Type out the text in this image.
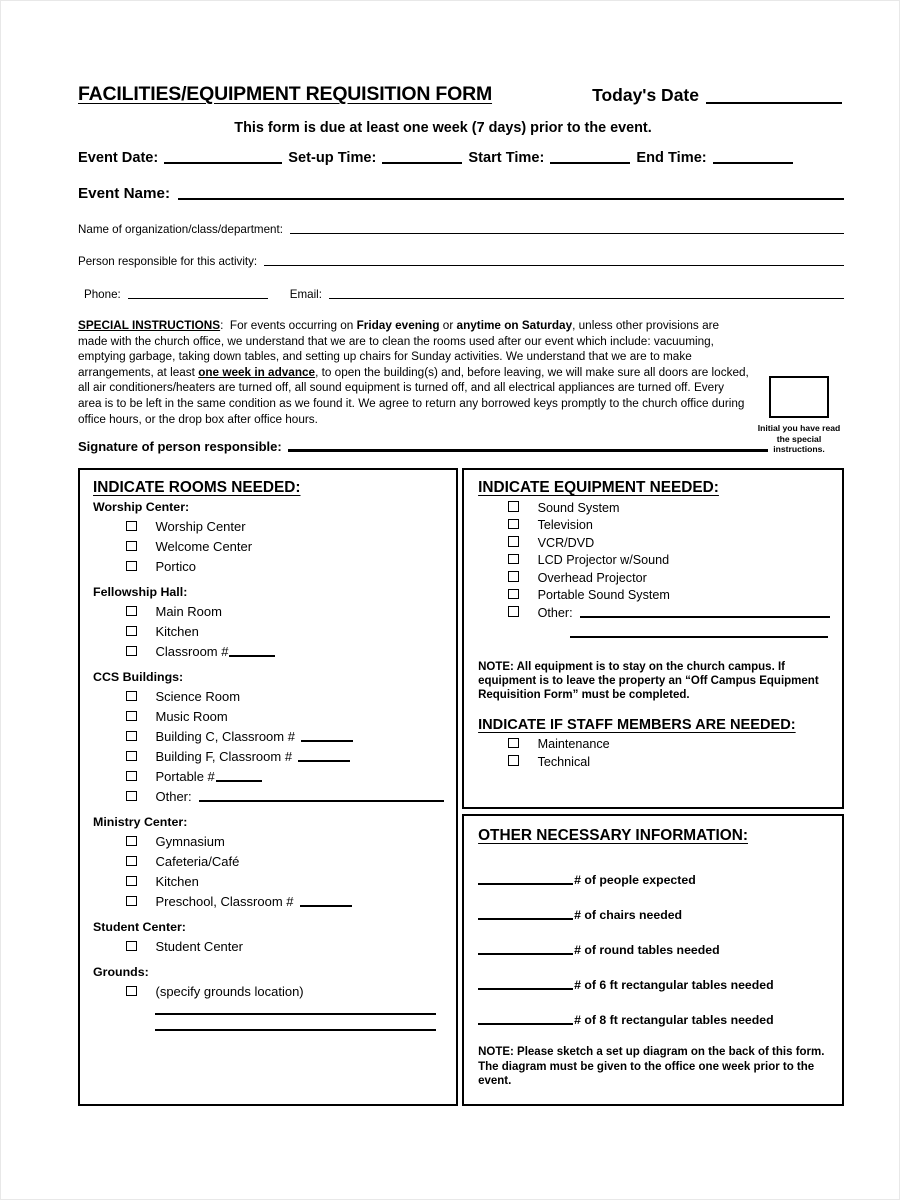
FACILITIES/EQUIPMENT REQUISITION FORM	Today's Date
This form is due at least one week (7 days) prior to the event.
Event Date:	Set-up Time:	Start Time:	End Time:
Event Name:
Name of organization/class/department:
Person responsible for this activity:
Phone:	Email:
SPECIAL INSTRUCTIONS: For events occurring on Friday evening or anytime on Saturday, unless other provisions are made with the church office, we understand that we are to clean the rooms used after our event which include: vacuuming, emptying garbage, taking down tables, and setting up chairs for Sunday activities. We understand that we are to make arrangements, at least one week in advance, to open the building(s) and, before leaving, we will make sure all doors are locked, all air conditioners/heaters are turned off, all sound equipment is turned off, and all electrical appliances are turned off. Every area is to be left in the same condition as we found it. We agree to return any borrowed keys promptly to the church office during office hours, or the drop box after office hours.
Initial you have read the special instructions.
Signature of person responsible:
INDICATE ROOMS NEEDED:
Worship Center:
Worship Center
Welcome Center
Portico
Fellowship Hall:
Main Room
Kitchen
Classroom #
CCS Buildings:
Science Room
Music Room
Building C, Classroom #
Building F, Classroom #
Portable #
Other:
Ministry Center:
Gymnasium
Cafeteria/Café
Kitchen
Preschool, Classroom #
Student Center:
Student Center
Grounds:
(specify grounds location)
INDICATE EQUIPMENT NEEDED:
Sound System
Television
VCR/DVD
LCD Projector w/Sound
Overhead Projector
Portable Sound System
Other:
NOTE: All equipment is to stay on the church campus. If equipment is to leave the property an “Off Campus Equipment Requisition Form” must be completed.
INDICATE IF STAFF MEMBERS ARE NEEDED:
Maintenance
Technical
OTHER NECESSARY INFORMATION:
# of people expected
# of chairs needed
# of round tables needed
# of 6 ft rectangular tables needed
# of 8 ft rectangular tables needed
NOTE: Please sketch a set up diagram on the back of this form. The diagram must be given to the office one week prior to the event.
